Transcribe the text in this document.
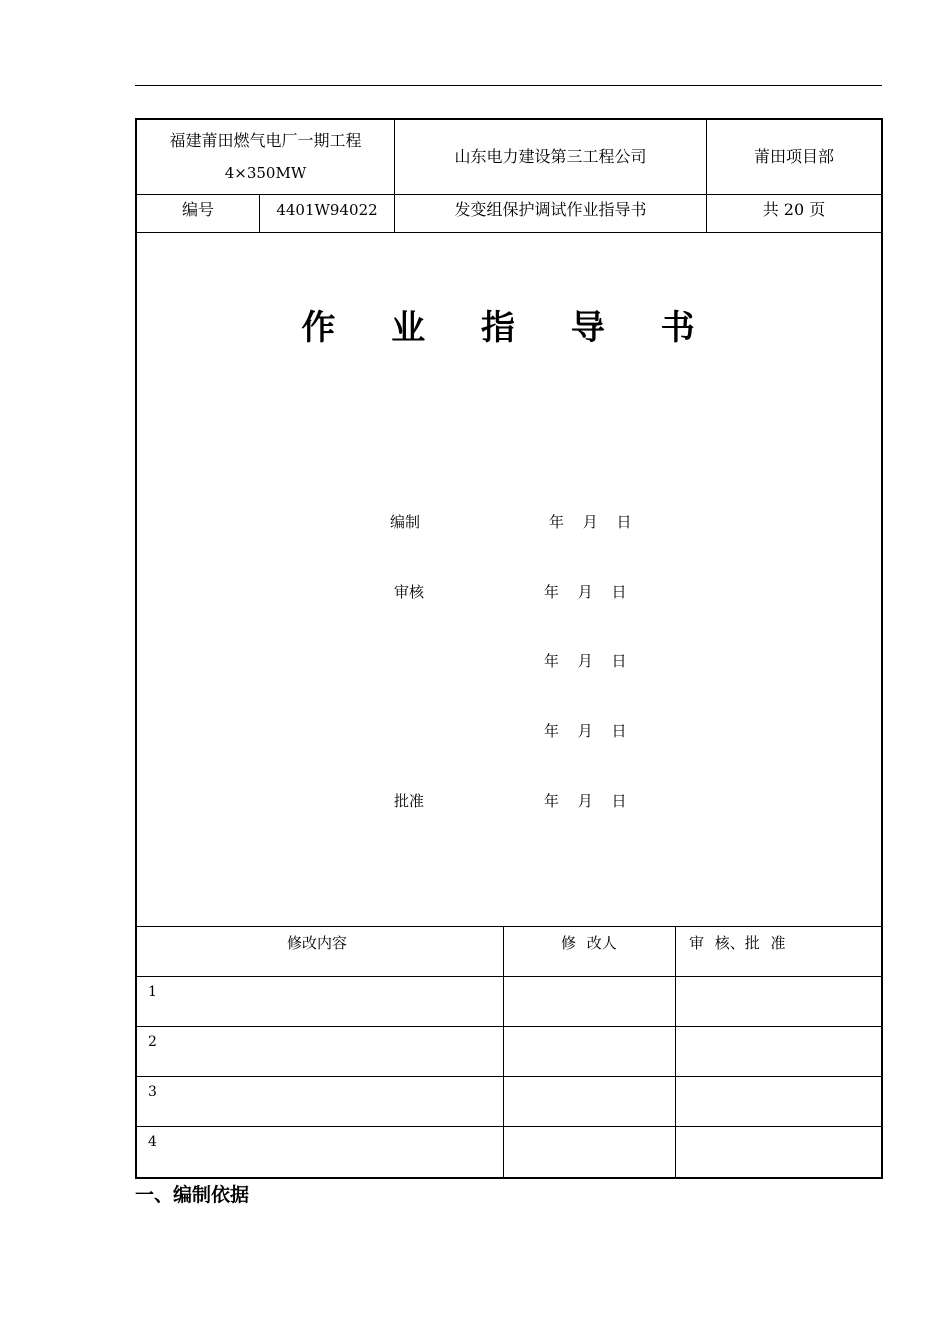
福建莆田燃气电厂一期工程
4×350MW
山东电力建设第三工程公司	莆田项目部
编号	4401W94022	发变组保护调试作业指导书	共 20 页
作 业 指 导 书
编制	年 月 日
审核	年 月 日
年 月 日
年 月 日
批准	年 月 日
修改内容	修 改人	审 核、批 准
1
2
3
4
一、编制依据
